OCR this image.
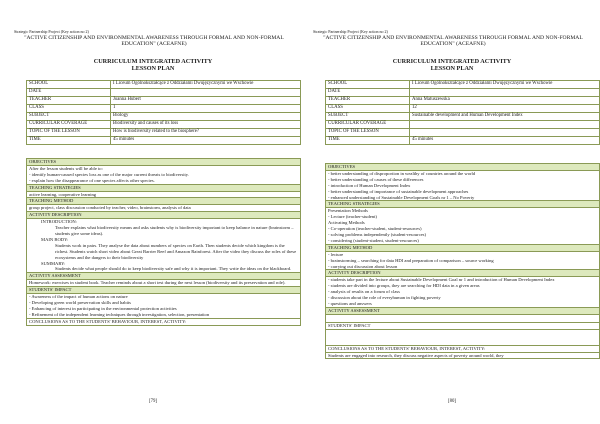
Strategic Partnership Project (Key action no 2)
"ACTIVE CITIZENSHIP AND ENVIRONMENTAL AWARENESS THROUGH FORMAL AND NON-FORMAL EDUCATION" (ACEAFNE)
CURRICULUM INTEGRATED ACTIVITY
LESSON PLAN
SCHOOL	I Liceum Ogólnokształcące z Oddziałami Dwujęzycznymi we Wschowie
DATE	
TEACHER	Joanna Hubert
CLASS	1
SUBJECT	Biology
CURRICULAR COVERAGE	Biodiversity and causes of its loss
TOPIC OF THE LESSON	How is biodiversity related to the biosphere?
TIME	45 minutes
OBJECTIVES
After the lesson students will be able to:
- identify human-caused species loss as one of the major current threats to biodiversity.
- explain how the disappearance of one species affects other species.
TEACHING STRATEGIES
active learning, cooperative learning
TEACHING METHOD
group project, class discussion conducted by teacher, video, brainstorm, analysis of data
ACTIVITY DESCRIPTION
INTRODUCTION:
Teacher explains what biodiversity means and asks students why is biodiversity important to keep balance in nature (brainstorm – students give some ideas).
MAIN BODY:
Students work in pairs. They analyse the data about numbers of species on Earth. Then students decide which kingdom is the richest. Students watch short video about Great Barrier Reef and Amazon Rainforest. After the video they discuss the roles of these ecosystems and the dangers to their biodiversity
SUMMARY:
Students decide what people should do to keep biodiversity safe and why it is important. They write the ideas on the blackboard.
ACTIVITY ASSESSMENT
Homework: exercises in student book. Teacher reminds about a short test during the next lesson (biodiversity and its preservation and role).
STUDENTS' IMPACT
- Awareness of the impact of human actions on nature
- Developing green world preservation skills and habits
- Enhancing of interest in participating in the environmental protection activities
- Refinement of the independent learning techniques through investigation, selection, presentation
CONCLUSIONS AS TO THE STUDENTS' BEHAVIOUR, INTEREST, ACTIVITY:
[79]
Strategic Partnership Project (Key action no 2)
"ACTIVE CITIZENSHIP AND ENVIRONMENTAL AWARENESS THROUGH FORMAL AND NON-FORMAL EDUCATION" (ACEAFNE)
CURRICULUM INTEGRATED ACTIVITY
LESSON PLAN
SCHOOL	I Liceum Ogólnokształcące z Oddziałami Dwujęzycznymi we Wschowie
DATE	
TEACHER	Anna Matuszewska
CLASS	12
SUBJECT	Sustainable development and Human Development Index
CURRICULAR COVERAGE	
TOPIC OF THE LESSON	
TIME	45 minutes
OBJECTIVES
- better understanding of disproportion in wealthy of countries around the world
- better understanding of causes of these differences
- introduction of Human Development Index
- better understanding of importance of sustainable development approaches
- enhanced understanding of Sustainable Development Goals nr 1 – No Poverty
TEACHING STRATEGIES
Presentation Methods
- Lecture (teacher-student)
Activating Methods
- Co-operation (teacher-student, student-resources)
- solving problems independently (student-resources)
- considering (student-student, student-resources)
TEACHING METHOD
- lecture
- brainstorming – searching for data HDI and preparation of comparison – source working
- carrying out discussion about lesson
ACTIVITY DESCRIPTION
- students take part in the lecture about Sustainable Development Goal nr 1 and introduction of Human Development Index
- students are divided into groups, they are searching for HDI data in a given areas
- analysis of results on a forum of class
- discussion about the role of everyhuman in fighting poverty
- questions and answers
ACTIVITY ASSESSMENT
STUDENTS' IMPACT
CONCLUSIONS AS TO THE STUDENTS' BEHAVIOUR, INTEREST, ACTIVITY:
Students are engaged into research, they discuss negative aspects of poverty around world, they
[80]
